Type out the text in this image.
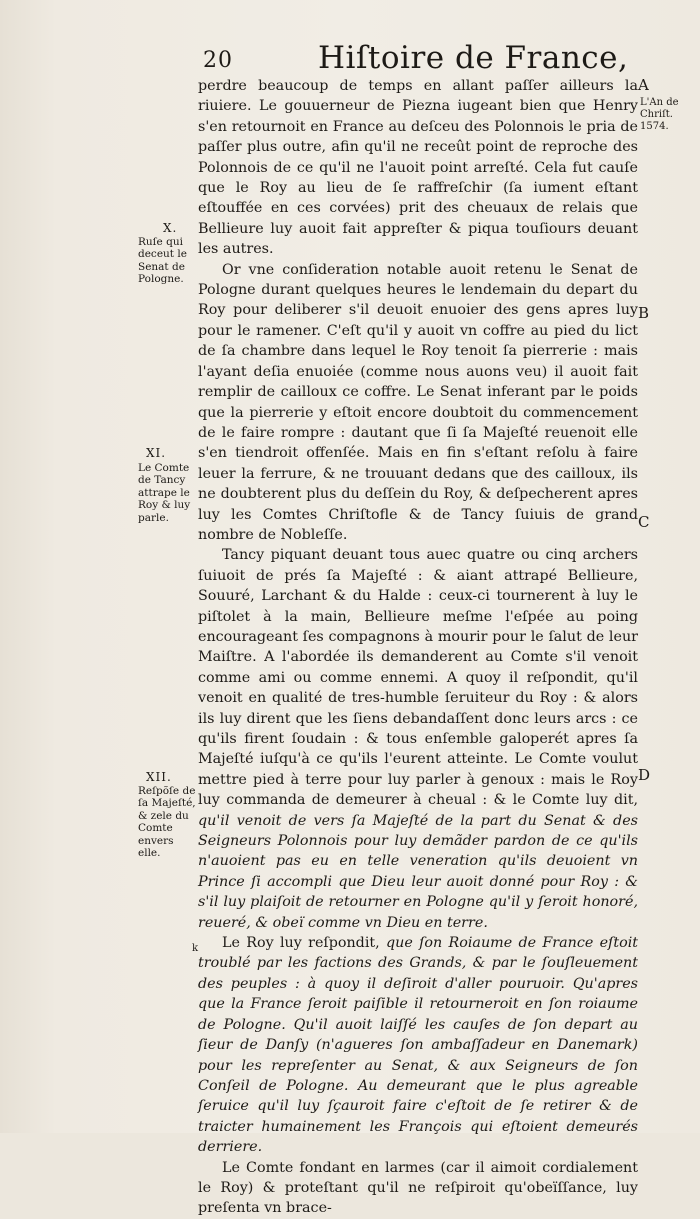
20	Hiſtoire de France,
A
L'An de Chriſt.
1574.
B
C
D
X.
Ruſe qui deceut le Senat de Pologne.
XI.
Le Comte de Tancy attrape le Roy & luy parle.
XII.
Reſpõſe de ſa Majeſté, & zele du Comte envers elle.

perdre beaucoup de temps en allant paſſer ailleurs la riuiere. Le gouuerneur de Piezna iugeant bien que Henry s'en retournoit en France au deſceu des Polonnois le pria de paſſer plus outre, afin qu'il ne receût point de reproche des Polonnois de ce qu'il ne l'auoit point arreſté. Cela fut cauſe que le Roy au lieu de ſe raffreſchir (ſa iument eſtant eſtouffée en ces corvées) prit des cheuaux de relais que Bellieure luy auoit fait appreſter & piqua touſiours deuant les autres.

Or vne conſideration notable auoit retenu le Senat de Pologne durant quelques heures le lendemain du depart du Roy pour deliberer s'il deuoit enuoier des gens apres luy pour le ramener. C'eſt qu'il y auoit vn coffre au pied du lict de ſa chambre dans lequel le Roy tenoit ſa pierrerie : mais l'ayant deſia enuoiée (comme nous auons veu) il auoit fait remplir de cailloux ce coffre. Le Senat inferant par le poids que la pierrerie y eſtoit encore doubtoit du commencement de le faire rompre : dautant que ſi ſa Majeſté reuenoit elle s'en tiendroit offenſée. Mais en fin s'eſtant reſolu à faire leuer la ferrure, & ne trouuant dedans que des cailloux, ils ne doubterent plus du deſſein du Roy, & deſpecherent apres luy les Comtes Chriſtofle & de Tancy ſuiuis de grand nombre de Nobleſſe.

Tancy piquant deuant tous auec quatre ou cinq archers ſuiuoit de prés ſa Majeſté : & aiant attrapé Bellieure, Souuré, Larchant & du Halde : ceux-ci tournerent à luy le piſtolet à la main, Bellieure meſme l'eſpée au poing encourageant ſes compagnons à mourir pour le ſalut de leur Maiſtre. A l'abordée ils demanderent au Comte s'il venoit comme ami ou comme ennemi. A quoy il reſpondit, qu'il venoit en qualité de tres-humble ſeruiteur du Roy : & alors ils luy dirent que les ſiens debandaſſent donc leurs arcs : ce qu'ils firent ſoudain : & tous enſemble galoperét apres ſa Majeſté iuſqu'à ce qu'ils l'eurent atteinte. Le Comte voulut mettre pied à terre pour luy parler à genoux : mais le Roy luy commanda de demeurer à cheual : & le Comte luy dit, qu'il venoit de vers ſa Majeſté de la part du Senat & des Seigneurs Polonnois pour luy demãder pardon de ce qu'ils n'auoient pas eu en telle veneration qu'ils deuoient vn Prince ſi accompli que Dieu leur auoit donné pour Roy : & s'il luy plaiſoit de retourner en Pologne qu'il y ſeroit honoré, reueré, & obeï comme vn Dieu en terre.

Le Roy luy reſpondit, que ſon Roiaume de France eſtoit troublé par les factions des Grands, & par le ſouſleuement des peuples : à quoy il deſiroit d'aller pouruoir. Qu'apres que la France ſeroit paiſible il retourneroit en ſon roiaume de Pologne. Qu'il auoit laiſſé les cauſes de ſon depart au ſieur de Danſy (n'agueres ſon ambaſſadeur en Danemark) pour les repreſenter au Senat, & aux Seigneurs de ſon Conſeil de Pologne. Au demeurant que le plus agreable ſeruice qu'il luy ſçauroit faire c'eſtoit de ſe retirer & de traicter humainement les François qui eſtoient demeurés derriere.

Le Comte fondant en larmes (car il aimoit cordialement le Roy) & proteſtant qu'il ne reſpiroit qu'obeïſſance, luy preſenta vn brace-

k
